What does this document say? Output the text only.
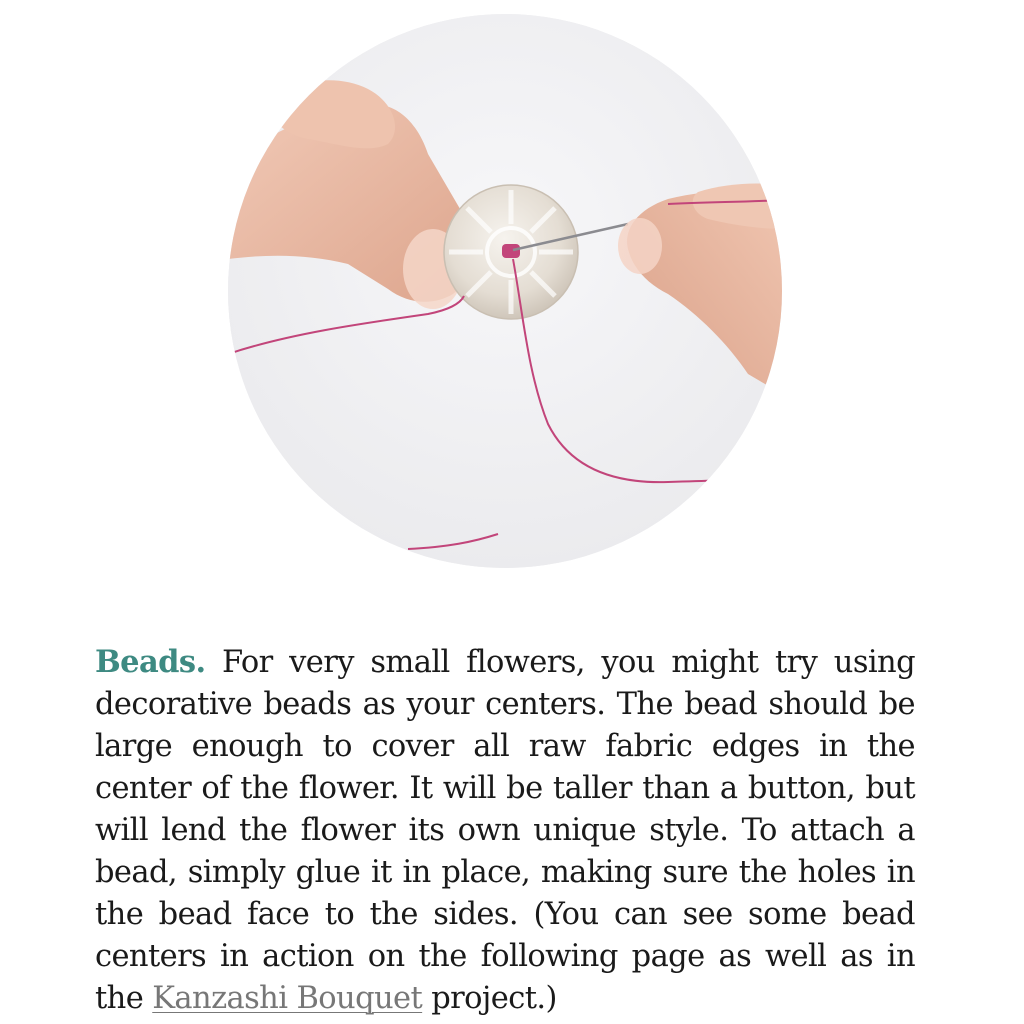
Beads. For very small flowers, you might try using decorative beads as your centers. The bead should be large enough to cover all raw fabric edges in the center of the flower. It will be taller than a button, but will lend the flower its own unique style. To attach a bead, simply glue it in place, making sure the holes in the bead face to the sides. (You can see some bead centers in action on the following page as well as in the Kanzashi Bouquet project.)
